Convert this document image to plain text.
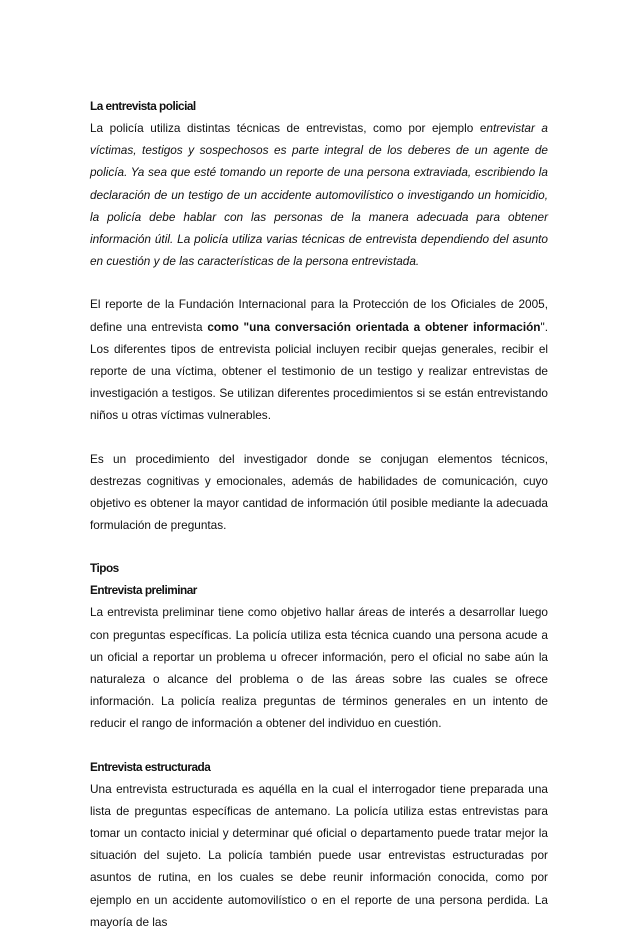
La entrevista policial

La policía utiliza distintas técnicas de entrevistas, como por ejemplo entrevistar a víctimas, testigos y sospechosos es parte integral de los deberes de un agente de policía. Ya sea que esté tomando un reporte de una persona extraviada, escribiendo la declaración de un testigo de un accidente automovilístico o investigando un homicidio, la policía debe hablar con las personas de la manera adecuada para obtener información útil. La policía utiliza varias técnicas de entrevista dependiendo del asunto en cuestión y de las características de la persona entrevistada.

El reporte de la Fundación Internacional para la Protección de los Oficiales de 2005, define una entrevista como "una conversación orientada a obtener información". Los diferentes tipos de entrevista policial incluyen recibir quejas generales, recibir el reporte de una víctima, obtener el testimonio de un testigo y realizar entrevistas de investigación a testigos. Se utilizan diferentes procedimientos si se están entrevistando niños u otras víctimas vulnerables.

Es un procedimiento del investigador donde se conjugan elementos técnicos, destrezas cognitivas y emocionales, además de habilidades de comunicación, cuyo objetivo es obtener la mayor cantidad de información útil posible mediante la adecuada formulación de preguntas.

Tipos
Entrevista preliminar

La entrevista preliminar tiene como objetivo hallar áreas de interés a desarrollar luego con preguntas específicas. La policía utiliza esta técnica cuando una persona acude a un oficial a reportar un problema u ofrecer información, pero el oficial no sabe aún la naturaleza o alcance del problema o de las áreas sobre las cuales se ofrece información. La policía realiza preguntas de términos generales en un intento de reducir el rango de información a obtener del individuo en cuestión.

Entrevista estructurada

Una entrevista estructurada es aquélla en la cual el interrogador tiene preparada una lista de preguntas específicas de antemano. La policía utiliza estas entrevistas para tomar un contacto inicial y determinar qué oficial o departamento puede tratar mejor la situación del sujeto. La policía también puede usar entrevistas estructuradas por asuntos de rutina, en los cuales se debe reunir información conocida, como por ejemplo en un accidente automovilístico o en el reporte de una persona perdida. La mayoría de las
